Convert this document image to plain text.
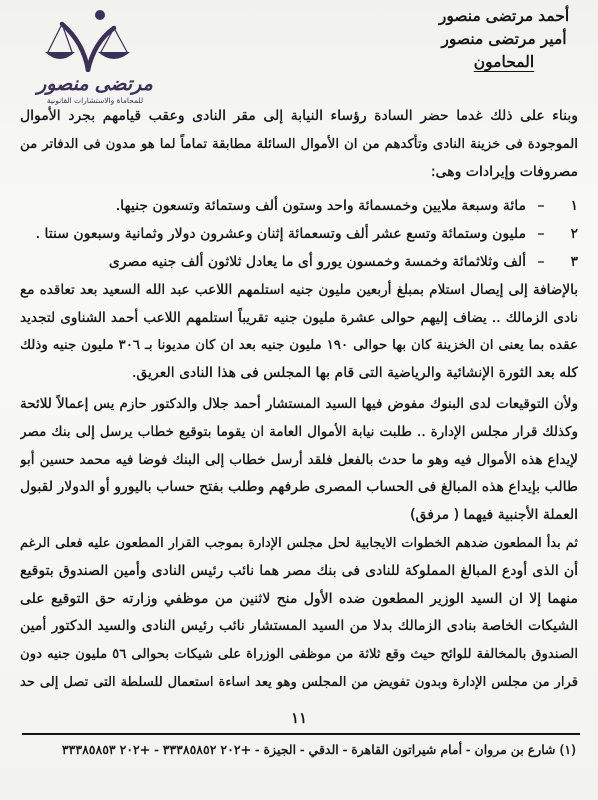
أحمد مرتضى منصور
أمير مرتضى منصور
المحامون
مرتضى منصور
للمحاماة والاستشارات القانونية
وبناء على ذلك غدما حضر السادة رؤساء النيابة إلى مقر النادى وعقب قيامهم بجرد الأموال
الموجودة فى خزينة النادى وتأكدهم من ان الأموال السائلة مطابقة تماماً لما هو مدون فى الدفاتر من
مصروفات وإيرادات وهى:
١
–
مائة وسبعة ملايين وخمسمائة واحد وستون ألف وستمائة وتسعون جنيها.
٢
–
مليون وستمائة وتسع عشر ألف وتسعمائة إثنان وعشرون دولار وثمانية وسبعون سنتا .
٣
–
ألف وثلاثمائة وخمسة وخمسون يورو أى ما يعادل ثلاثون ألف جنيه مصرى
بالإضافة إلى إيصال استلام بمبلغ أربعين مليون جنيه استلمهم اللاعب عبد الله السعيد بعد تعاقده مع
نادى الزمالك .. يضاف إليهم حوالى عشرة مليون جنيه تقريباً استلمهم اللاعب أحمد الشناوى لتجديد
عقده بما يعنى ان الخزينة كان بها حوالى ١٩٠ مليون جنيه بعد ان كان مديونا بـ ٣٠٦ مليون جنيه وذلك
كله بعد الثورة الإنشائية والرياضية التى قام بها المجلس فى هذا النادى العريق.
ولأن التوقيعات لدى البنوك مفوض فيها السيد المستشار أحمد جلال والدكتور حازم يس إعمالاً للائحة
وكذلك قرار مجلس الإدارة .. طلبت نيابة الأموال العامة ان يقوما بتوقيع خطاب يرسل إلى بنك مصر
لإيداع هذه الأموال فيه وهو ما حدث بالفعل فلقد أرسل خطاب إلى البنك فوضا فيه محمد حسين أبو
طالب بإيداع هذه المبالغ فى الحساب المصرى طرفهم وطلب بفتح حساب باليورو أو الدولار لقبول
العملة الأجنبية فيهما ( مرفق)
ثم بدأ المطعون ضدهم الخطوات الايجابية لحل مجلس الإدارة بموجب القرار المطعون عليه فعلى الرغم
أن الذى أودع المبالغ المملوكة للنادى فى بنك مصر هما نائب رئيس النادى وأمين الصندوق بتوقيع
منهما إلا ان السيد الوزير المطعون ضده الأول منح لاثنين من موظفي وزارته حق التوقيع على
الشيكات الخاصة بنادى الزمالك بدلا من السيد المستشار نائب رئيس النادى والسيد الدكتور أمين
الصندوق بالمخالفة للوائح حيث وقع ثلاثة من موظفى الوزراة على شيكات بحوالى ٥٦ مليون جنيه دون
قرار من مجلس الإدارة وبدون تفويض من المجلس وهو يعد اساءة استعمال للسلطة التى تصل إلى حد
١١
(١) شارع بن مروان - أمام شيراتون القاهرة - الدقي - الجيزة - +٢٠٢ ٣٣٣٨٥٨٥٢ - +٢٠٢ ٣٣٣٨٥٨٥٣
